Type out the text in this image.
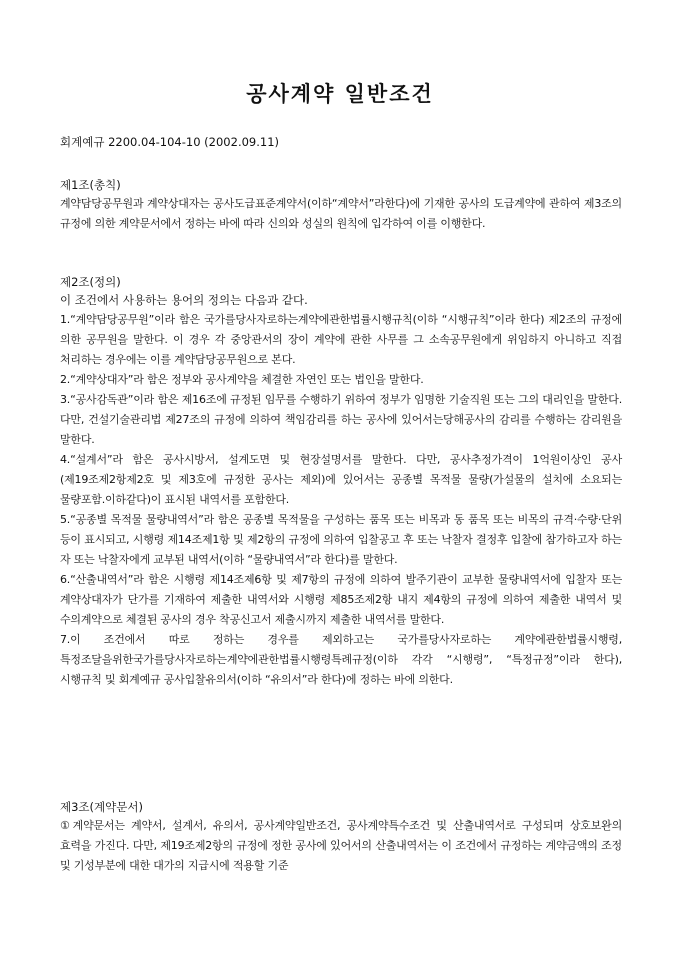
공사계약 일반조건

회계예규 2200.04-104-10 (2002.09.11)

제1조(총칙)

계약담당공무원과 계약상대자는 공사도급표준계약서(이하“계약서”라한다)에 기재한 공사의 도급계약에 관하여 제3조의 규정에 의한 계약문서에서 정하는 바에 따라 신의와 성실의 원칙에 입각하여 이를 이행한다.

제2조(정의)

이 조건에서 사용하는 용어의 정의는 다음과 같다.

1.“계약담당공무원”이라 함은 국가를당사자로하는계약에관한법률시행규칙(이하 “시행규칙”이라 한다) 제2조의 규정에 의한 공무원을 말한다. 이 경우 각 중앙관서의 장이 계약에 관한 사무를 그 소속공무원에게 위임하지 아니하고 직접 처리하는 경우에는 이를 계약담당공무원으로 본다.

2.“계약상대자”라 함은 정부와 공사계약을 체결한 자연인 또는 법인을 말한다.

3.“공사감독관”이라 함은 제16조에 규정된 임무를 수행하기 위하여 정부가 임명한 기술직원 또는 그의 대리인을 말한다. 다만, 건설기술관리법 제27조의 규정에 의하여 책임감리를 하는 공사에 있어서는당해공사의 감리를 수행하는 감리원을 말한다.

4.“설계서”라 함은 공사시방서, 설계도면 및 현장설명서를 말한다. 다만, 공사추정가격이 1억원이상인 공사(제19조제2항제2호 및 제3호에 규정한 공사는 제외)에 있어서는 공종별 목적물 물량(가설물의 설치에 소요되는 물량포함.이하같다)이 표시된 내역서를 포함한다.

5.“공종별 목적물 물량내역서”라 함은 공종별 목적물을 구성하는 품목 또는 비목과 동 품목 또는 비목의 규격·수량·단위 등이 표시되고, 시행령 제14조제1항 및 제2항의 규정에 의하여 입찰공고 후 또는 낙찰자 결정후 입찰에 참가하고자 하는 자 또는 낙찰자에게 교부된 내역서(이하 “물량내역서”라 한다)를 말한다.

6.“산출내역서”라 함은 시행령 제14조제6항 및 제7항의 규정에 의하여 발주기관이 교부한 물량내역서에 입찰자 또는 계약상대자가 단가를 기재하여 제출한 내역서와 시행령 제85조제2항 내지 제4항의 규정에 의하여 제출한 내역서 및 수의계약으로 체결된 공사의 경우 착공신고서 제출시까지 제출한 내역서를 말한다.

7.이 조건에서 따로 정하는 경우를 제외하고는 국가를당사자로하는 계약에관한법률시행령, 특정조달을위한국가를당사자로하는계약에관한법률시행령특례규정(이하 각각 “시행령”, “특정규정”이라 한다), 시행규칙 및 회계예규 공사입찰유의서(이하 “유의서”라 한다)에 정하는 바에 의한다.

제3조(계약문서)

①계약문서는 계약서, 설계서, 유의서, 공사계약일반조건, 공사계약특수조건 및 산출내역서로 구성되며 상호보완의 효력을 가진다. 다만, 제19조제2항의 규정에 정한 공사에 있어서의 산출내역서는 이 조건에서 규정하는 계약금액의 조정 및 기성부분에 대한 대가의 지급시에 적용할 기준
